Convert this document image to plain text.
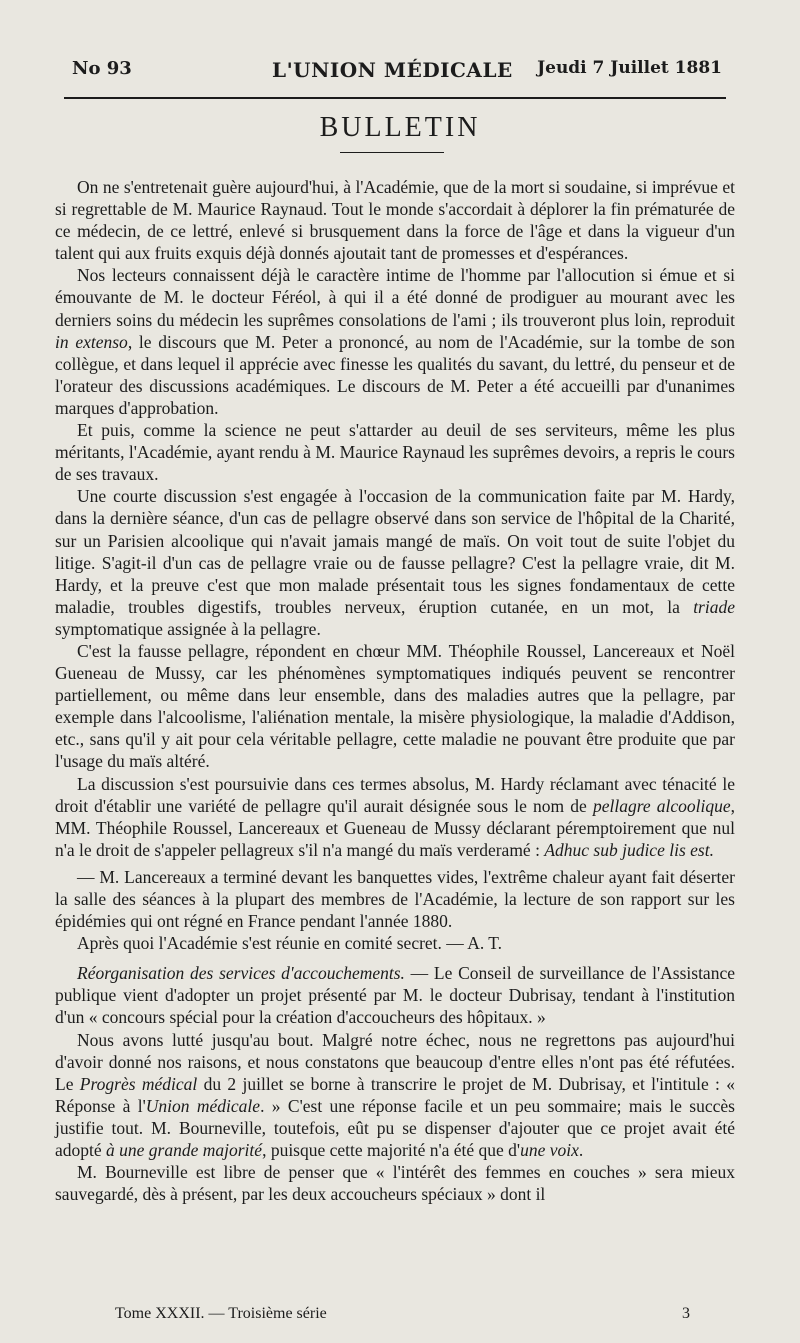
No 93	L'UNION MÉDICALE Jeudi 7 Juillet 1881
BULLETIN

On ne s'entretenait guère aujourd'hui, à l'Académie, que de la mort si soudaine, si imprévue et si regrettable de M. Maurice Raynaud. Tout le monde s'accordait à déplorer la fin prématurée de ce médecin, de ce lettré, enlevé si brusquement dans la force de l'âge et dans la vigueur d'un talent qui aux fruits exquis déjà donnés ajoutait tant de promesses et d'espérances.

Nos lecteurs connaissent déjà le caractère intime de l'homme par l'allocution si émue et si émouvante de M. le docteur Féréol, à qui il a été donné de prodiguer au mourant avec les derniers soins du médecin les suprêmes consolations de l'ami ; ils trouveront plus loin, reproduit in extenso, le discours que M. Peter a prononcé, au nom de l'Académie, sur la tombe de son collègue, et dans lequel il apprécie avec finesse les qualités du savant, du lettré, du penseur et de l'orateur des discussions académiques. Le discours de M. Peter a été accueilli par d'unanimes marques d'approbation.

Et puis, comme la science ne peut s'attarder au deuil de ses serviteurs, même les plus méritants, l'Académie, ayant rendu à M. Maurice Raynaud les suprêmes devoirs, a repris le cours de ses travaux.

Une courte discussion s'est engagée à l'occasion de la communication faite par M. Hardy, dans la dernière séance, d'un cas de pellagre observé dans son service de l'hôpital de la Charité, sur un Parisien alcoolique qui n'avait jamais mangé de maïs. On voit tout de suite l'objet du litige. S'agit-il d'un cas de pellagre vraie ou de fausse pellagre? C'est la pellagre vraie, dit M. Hardy, et la preuve c'est que mon malade présentait tous les signes fondamentaux de cette maladie, troubles digestifs, troubles nerveux, éruption cutanée, en un mot, la triade symptomatique assignée à la pellagre.

C'est la fausse pellagre, répondent en chœur MM. Théophile Roussel, Lancereaux et Noël Gueneau de Mussy, car les phénomènes symptomatiques indiqués peuvent se rencontrer partiellement, ou même dans leur ensemble, dans des maladies autres que la pellagre, par exemple dans l'alcoolisme, l'aliénation mentale, la misère physiologique, la maladie d'Addison, etc., sans qu'il y ait pour cela véritable pellagre, cette maladie ne pouvant être produite que par l'usage du maïs altéré.

La discussion s'est poursuivie dans ces termes absolus, M. Hardy réclamant avec ténacité le droit d'établir une variété de pellagre qu'il aurait désignée sous le nom de pellagre alcoolique, MM. Théophile Roussel, Lancereaux et Gueneau de Mussy déclarant péremptoirement que nul n'a le droit de s'appeler pellagreux s'il n'a mangé du maïs verderamé : Adhuc sub judice lis est.

— M. Lancereaux a terminé devant les banquettes vides, l'extrême chaleur ayant fait déserter la salle des séances à la plupart des membres de l'Académie, la lecture de son rapport sur les épidémies qui ont régné en France pendant l'année 1880.

Après quoi l'Académie s'est réunie en comité secret. — A. T.

Réorganisation des services d'accouchements. — Le Conseil de surveillance de l'Assistance publique vient d'adopter un projet présenté par M. le docteur Dubrisay, tendant à l'institution d'un « concours spécial pour la création d'accoucheurs des hôpitaux. »

Nous avons lutté jusqu'au bout. Malgré notre échec, nous ne regrettons pas aujourd'hui d'avoir donné nos raisons, et nous constatons que beaucoup d'entre elles n'ont pas été réfutées. Le Progrès médical du 2 juillet se borne à transcrire le projet de M. Dubrisay, et l'intitule : « Réponse à l'Union médicale. » C'est une réponse facile et un peu sommaire; mais le succès justifie tout. M. Bourneville, toutefois, eût pu se dispenser d'ajouter que ce projet avait été adopté à une grande majorité, puisque cette majorité n'a été que d'une voix.

M. Bourneville est libre de penser que « l'intérêt des femmes en couches » sera mieux sauvegardé, dès à présent, par les deux accoucheurs spéciaux » dont il

Tome XXXII. — Troisième série	3
